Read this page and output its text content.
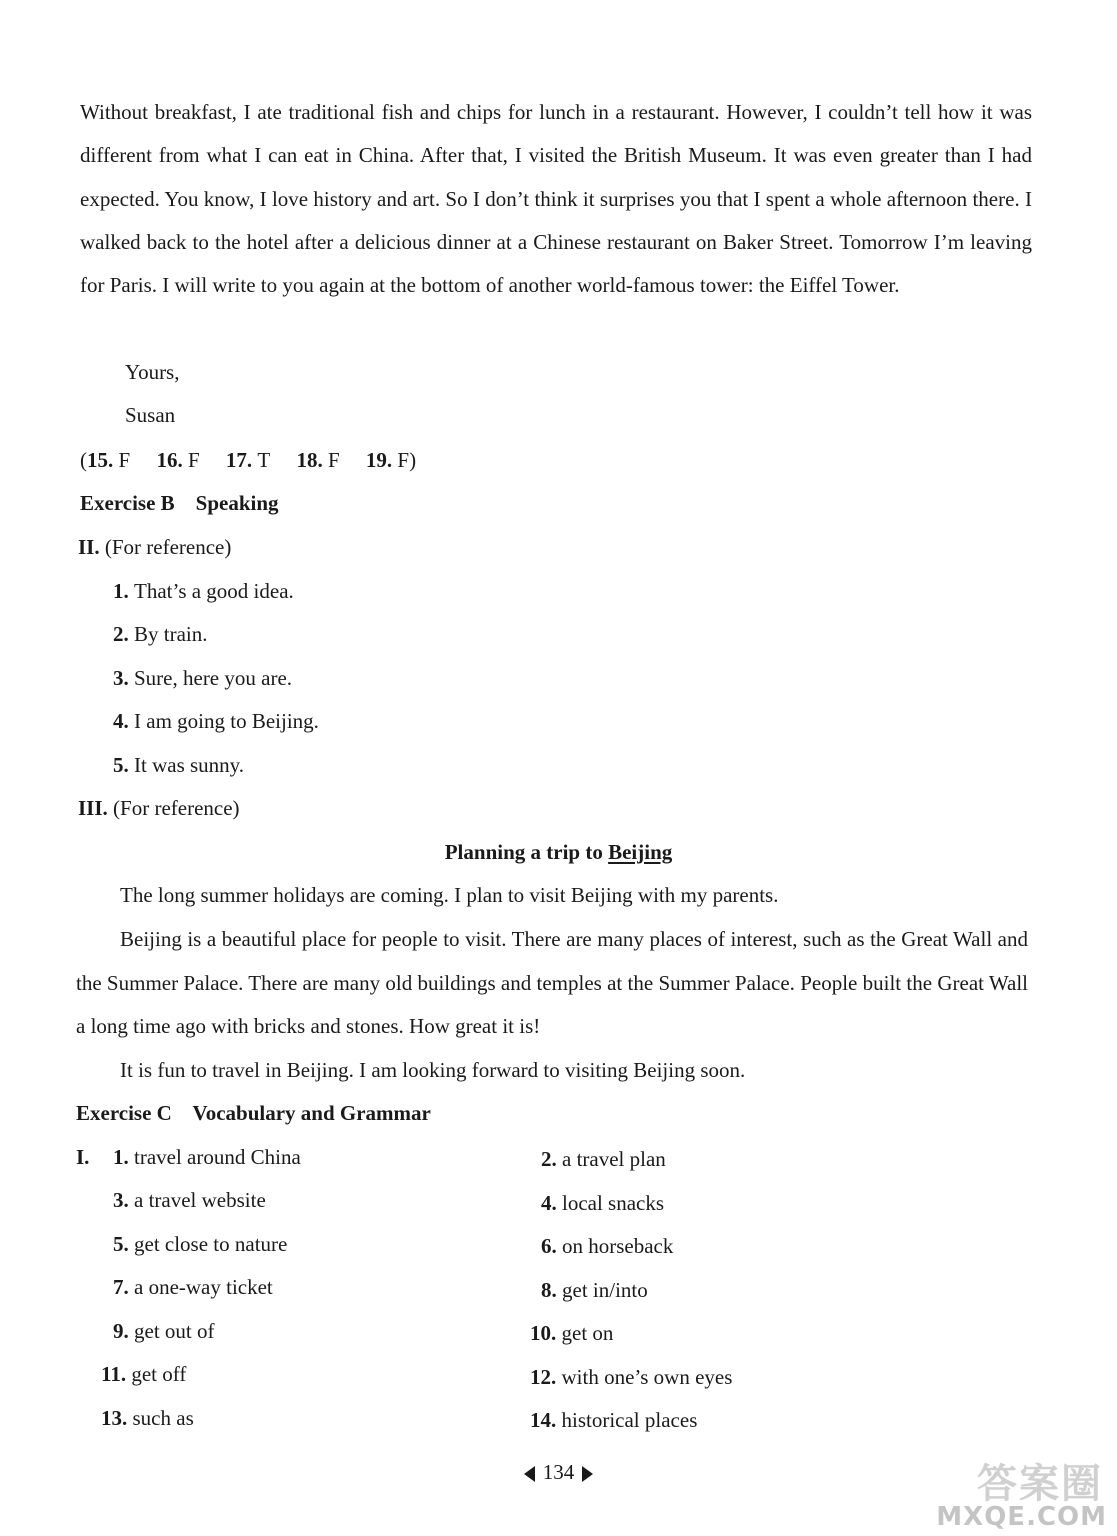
Without breakfast, I ate traditional fish and chips for lunch in a restaurant. However, I couldn’t tell how it was different from what I can eat in China. After that, I visited the British Museum. It was even greater than I had expected. You know, I love history and art. So I don’t think it surprises you that I spent a whole afternoon there. I walked back to the hotel after a delicious dinner at a Chinese restaurant on Baker Street. Tomorrow I’m leaving for Paris. I will write to you again at the bottom of another world-famous tower: the Eiffel Tower.

Yours,
Susan
(15. F 16. F 17. T 18. F 19. F)
Exercise B    Speaking
II. (For reference)
1. That’s a good idea.
2. By train.
3. Sure, here you are.
4. I am going to Beijing.
5. It was sunny.
III. (For reference)
Planning a trip to Beijing

The long summer holidays are coming. I plan to visit Beijing with my parents.

Beijing is a beautiful place for people to visit. There are many places of interest, such as the Great Wall and the Summer Palace. There are many old buildings and temples at the Summer Palace. People built the Great Wall a long time ago with bricks and stones. How great it is!

It is fun to travel in Beijing. I am looking forward to visiting Beijing soon.

Exercise C    Vocabulary and Grammar
I. 1. travel around China	2. a travel plan
3. a travel website	4. local snacks
5. get close to nature	6. on horseback
7. a one-way ticket	8. get in/into
9. get out of	10. get on
11. get off	12. with one’s own eyes
13. such as	14. historical places
134	答案圈
MXQE.COM
